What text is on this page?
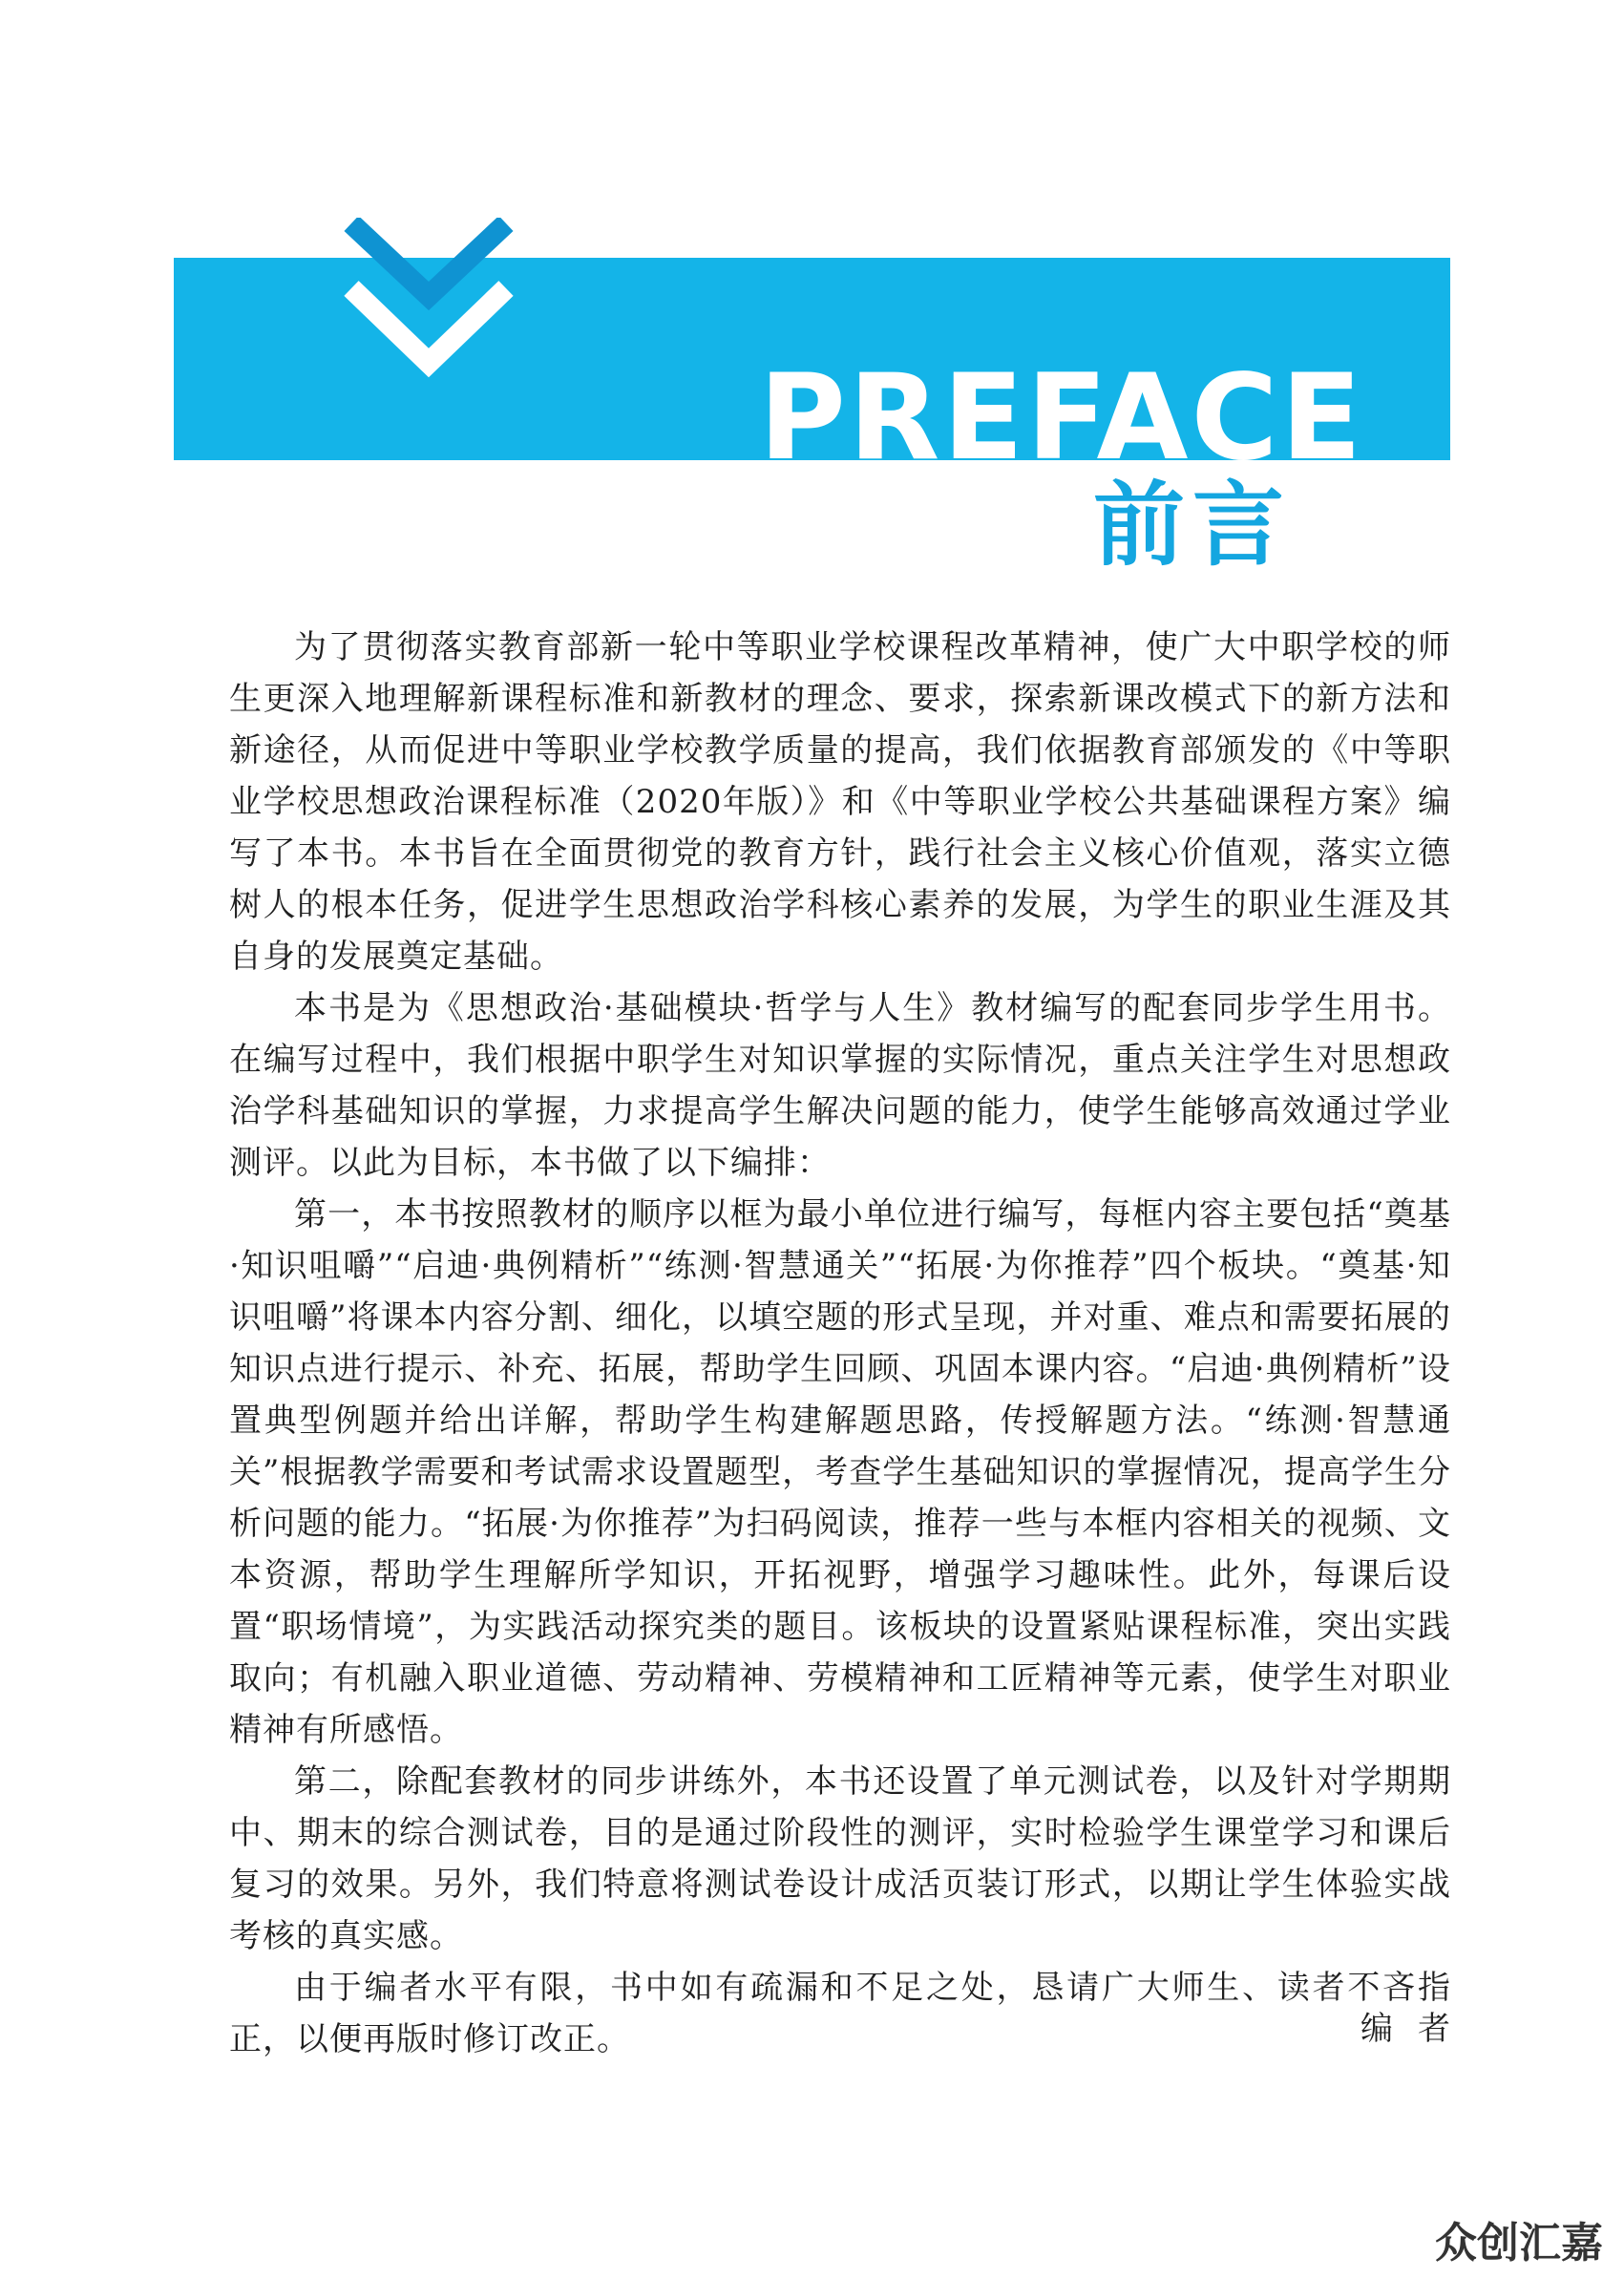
PREFACE
前言

为了贯彻落实教育部新一轮中等职业学校课程改革精神，使广大中职学校的师生更深入地理解新课程标准和新教材的理念、要求，探索新课改模式下的新方法和新途径，从而促进中等职业学校教学质量的提高，我们依据教育部颁发的《中等职业学校思想政治课程标准（2020年版）》和《中等职业学校公共基础课程方案》编写了本书。本书旨在全面贯彻党的教育方针，践行社会主义核心价值观，落实立德树人的根本任务，促进学生思想政治学科核心素养的发展，为学生的职业生涯及其自身的发展奠定基础。

本书是为《思想政治·基础模块·哲学与人生》教材编写的配套同步学生用书。在编写过程中，我们根据中职学生对知识掌握的实际情况，重点关注学生对思想政治学科基础知识的掌握，力求提高学生解决问题的能力，使学生能够高效通过学业测评。以此为目标，本书做了以下编排：

第一，本书按照教材的顺序以框为最小单位进行编写，每框内容主要包括“奠基·知识咀嚼”“启迪·典例精析”“练测·智慧通关”“拓展·为你推荐”四个板块。“奠基·知识咀嚼”将课本内容分割、细化，以填空题的形式呈现，并对重、难点和需要拓展的知识点进行提示、补充、拓展，帮助学生回顾、巩固本课内容。“启迪·典例精析”设置典型例题并给出详解，帮助学生构建解题思路，传授解题方法。“练测·智慧通关”根据教学需要和考试需求设置题型，考查学生基础知识的掌握情况，提高学生分析问题的能力。“拓展·为你推荐”为扫码阅读，推荐一些与本框内容相关的视频、文本资源，帮助学生理解所学知识，开拓视野，增强学习趣味性。此外，每课后设置“职场情境”，为实践活动探究类的题目。该板块的设置紧贴课程标准，突出实践取向；有机融入职业道德、劳动精神、劳模精神和工匠精神等元素，使学生对职业精神有所感悟。

第二，除配套教材的同步讲练外，本书还设置了单元测试卷，以及针对学期期中、期末的综合测试卷，目的是通过阶段性的测评，实时检验学生课堂学习和课后复习的效果。另外，我们特意将测试卷设计成活页装订形式，以期让学生体验实战考核的真实感。

由于编者水平有限，书中如有疏漏和不足之处，恳请广大师生、读者不吝指正，以便再版时修订改正。	编者
众创汇嘉
